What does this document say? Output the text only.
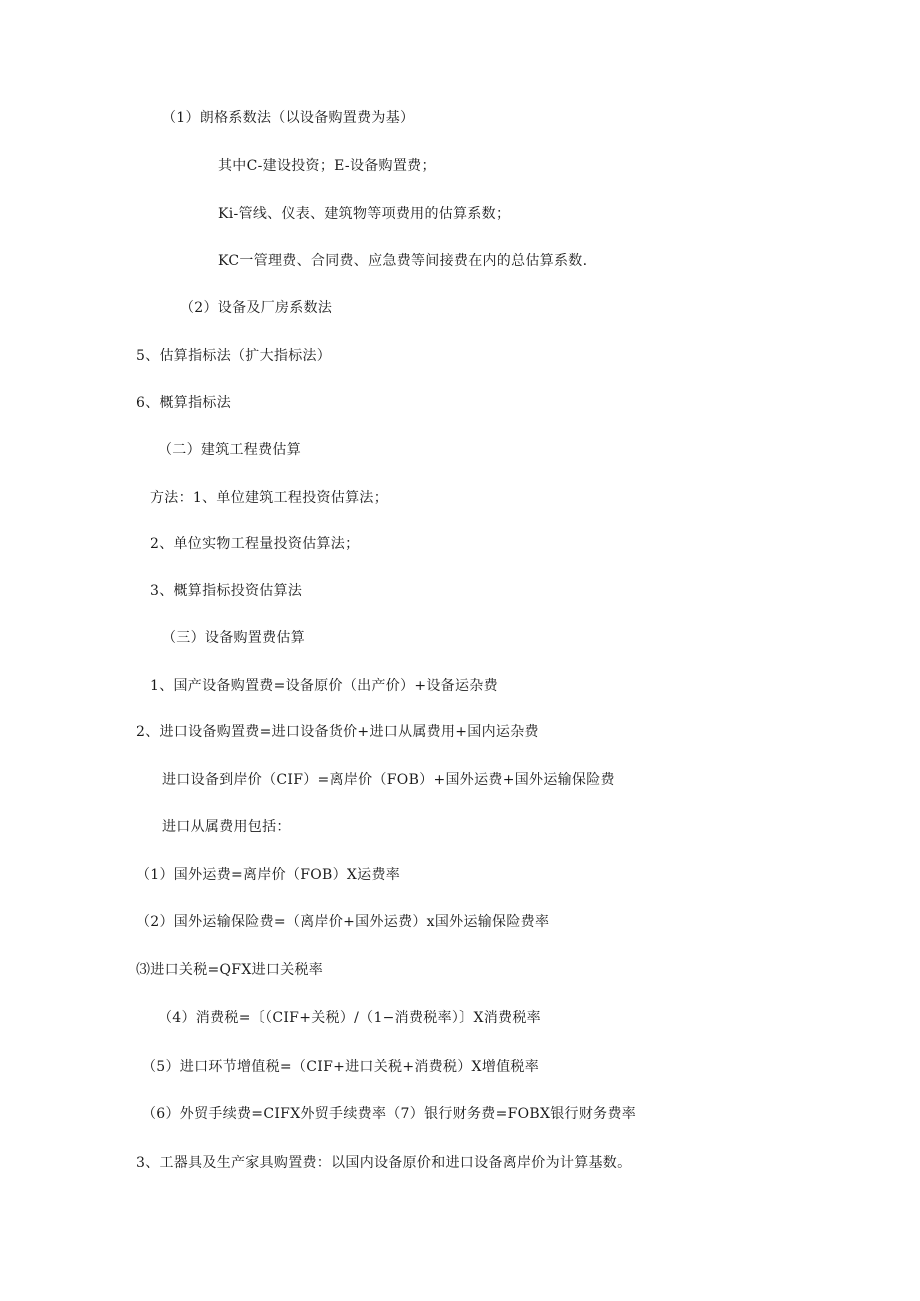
（1）朗格系数法（以设备购置费为基）
其中C-建设投资；E-设备购置费；
Ki-管线、仪表、建筑物等项费用的估算系数；
KC一管理费、合同费、应急费等间接费在内的总估算系数.
（2）设备及厂房系数法
5、估算指标法（扩大指标法）
6、概算指标法
（二）建筑工程费估算
方法：1、单位建筑工程投资估算法；
2、单位实物工程量投资估算法；
3、概算指标投资估算法
（三）设备购置费估算
1、国产设备购置费=设备原价（出产价）+设备运杂费
2、进口设备购置费=进口设备货价+进口从属费用+国内运杂费
进口设备到岸价（CIF）=离岸价（FOB）+国外运费+国外运输保险费
进口从属费用包括：
（1）国外运费=离岸价（FOB）X运费率
（2）国外运输保险费=（离岸价+国外运费）x国外运输保险费率
⑶进口关税=QFX进口关税率
（4）消费税=〔（CIF+关税）/（1−消费税率）〕X消费税率
（5）进口环节增值税=（CIF+进口关税+消费税）X增值税率
（6）外贸手续费=CIFX外贸手续费率（7）银行财务费=FOBX银行财务费率
3、工器具及生产家具购置费：以国内设备原价和进口设备离岸价为计算基数。
